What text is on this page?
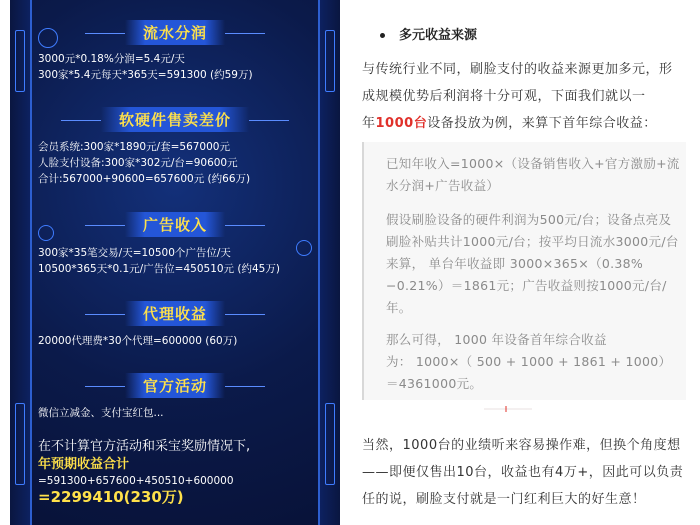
流水分润
3000元*0.18%分润=5.4元/天
300家*5.4元每天*365天=591300 (约59万)
软硬件售卖差价
会员系统:300家*1890元/套=567000元
人脸支付设备:300家*302元/台=90600元
合计:567000+90600=657600元 (约66万)
广告收入
300家*35笔交易/天=10500个广告位/天
10500*365天*0.1元/广告位=450510元 (约45万)
代理收益
20000代理费*30个代理=600000 (60万)
官方活动
微信立减金、支付宝红包...
在不计算官方活动和采宝奖励情况下,
年预期收益合计
=591300+657600+450510+600000
=2299410(230万)
多元收益来源
与传统行业不同，刷脸支付的收益来源更加多元，形
成规模优势后利润将十分可观，下面我们就以一
年1000台设备投放为例，来算下首年综合收益：
已知年收入=1000×（设备销售收入+官方激励+流
水分润+广告收益）
假设刷脸设备的硬件利润为500元/台；设备点亮及
刷脸补贴共计1000元/台；按平均日流水3000元/台
来算， 单台年收益即 3000×365×（0.38%
−0.21%）＝1861元；广告收益则按1000元/台/
年。
那么可得， 1000 年设备首年综合收益
为： 1000×（ 500 + 1000 + 1861 + 1000）
＝4361000元。
当然，1000台的业绩听来容易操作难，但换个角度想
——即便仅售出10台，收益也有4万+，因此可以负责
任的说，刷脸支付就是一门红利巨大的好生意！
